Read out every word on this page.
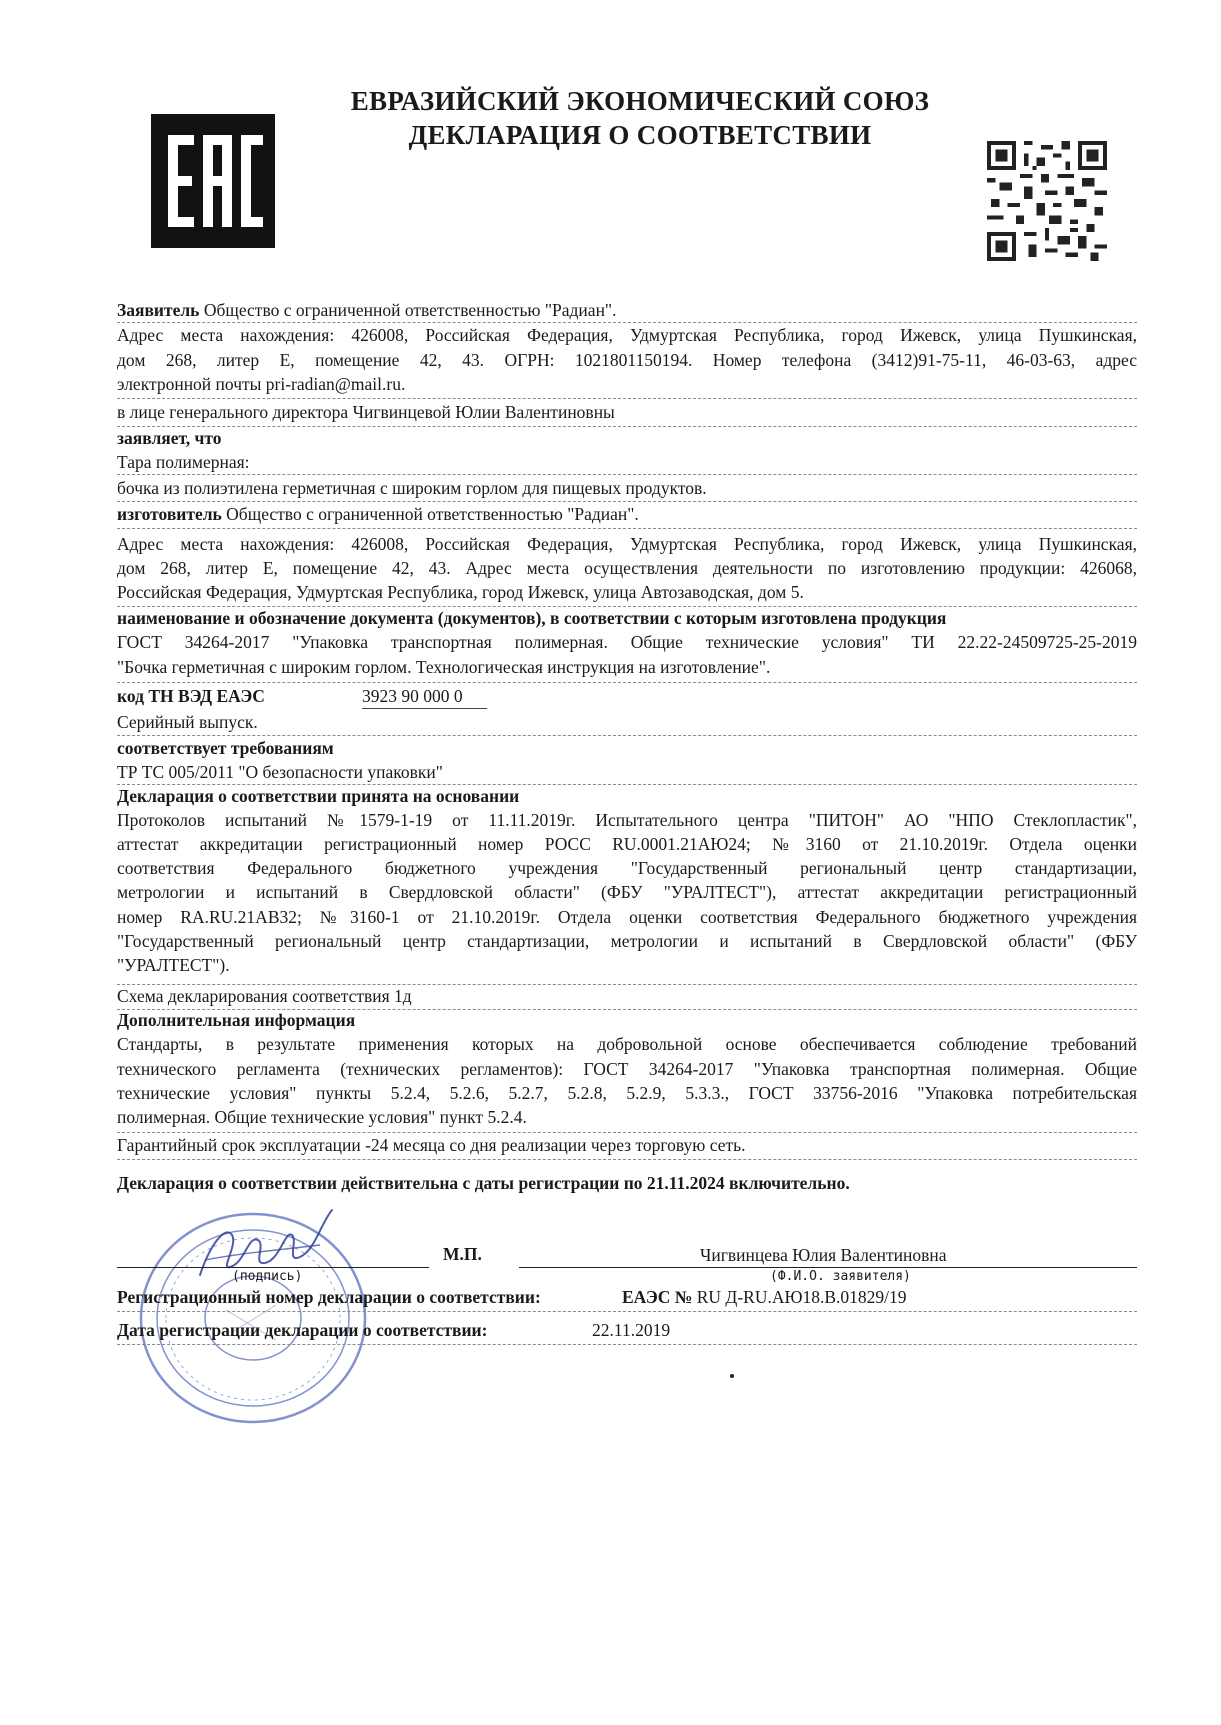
ЕВРАЗИЙСКИЙ ЭКОНОМИЧЕСКИЙ СОЮЗ
ДЕКЛАРАЦИЯ О СООТВЕТСТВИИ
Заявитель Общество с ограниченной ответственностью "Радиан".
Адрес места нахождения: 426008, Российская Федерация, Удмуртская Республика, город Ижевск, улица Пушкинская,
дом 268, литер Е, помещение 42, 43. ОГРН: 1021801150194. Номер телефона (3412)91-75-11, 46-03-63, адрес
электронной почты pri-radian@mail.ru.
в лице генерального директора Чигвинцевой Юлии Валентиновны
заявляет, что
Тара полимерная:
бочка из полиэтилена герметичная с широким горлом для пищевых продуктов.
изготовитель Общество с ограниченной ответственностью "Радиан".
Адрес места нахождения: 426008, Российская Федерация, Удмуртская Республика, город Ижевск, улица Пушкинская,
дом 268, литер Е, помещение 42, 43. Адрес места осуществления деятельности по изготовлению продукции: 426068,
Российская Федерация, Удмуртская Республика, город Ижевск, улица Автозаводская, дом 5.
наименование и обозначение документа (документов), в соответствии с которым изготовлена продукция
ГОСТ 34264-2017 "Упаковка транспортная полимерная. Общие технические условия" ТИ 22.22-24509725-25-2019
"Бочка герметичная с широким горлом. Технологическая инструкция на изготовление".
код ТН ВЭД ЕАЭС	3923 90 000 0
Серийный выпуск.
соответствует требованиям
ТР ТС 005/2011 "О безопасности упаковки"
Декларация о соответствии принята на основании
Протоколов испытаний №1579-1-19 от 11.11.2019г. Испытательного центра "ПИТОН" АО "НПО Стеклопластик",
аттестат аккредитации регистрационный номер РОСС RU.0001.21АЮ24; №3160 от 21.10.2019г. Отдела оценки
соответствия Федерального бюджетного учреждения "Государственный региональный центр стандартизации,
метрологии и испытаний в Свердловской области" (ФБУ "УРАЛТЕСТ"), аттестат аккредитации регистрационный
номер RA.RU.21АВ32; №3160-1 от 21.10.2019г. Отдела оценки соответствия Федерального бюджетного учреждения
"Государственный региональный центр стандартизации, метрологии и испытаний в Свердловской области" (ФБУ
"УРАЛТЕСТ").
Схема декларирования соответствия 1д
Дополнительная информация
Стандарты, в результате применения которых на добровольной основе обеспечивается соблюдение требований
технического регламента (технических регламентов): ГОСТ 34264-2017 "Упаковка транспортная полимерная. Общие
технические условия" пункты 5.2.4, 5.2.6, 5.2.7, 5.2.8, 5.2.9, 5.3.3., ГОСТ 33756-2016 "Упаковка потребительская
полимерная. Общие технические условия" пункт 5.2.4.
Гарантийный срок эксплуатации -24 месяца со дня реализации через торговую сеть.
Декларация о соответствии действительна с даты регистрации по 21.11.2024 включительно.
М.П.	Чигвинцева Юлия Валентиновна
(подпись)	(Ф.И.О. заявителя)
Регистрационный номер декларации о соответствии:	ЕАЭС № RU Д-RU.АЮ18.В.01829/19
Дата регистрации декларации о соответствии:	22.11.2019
